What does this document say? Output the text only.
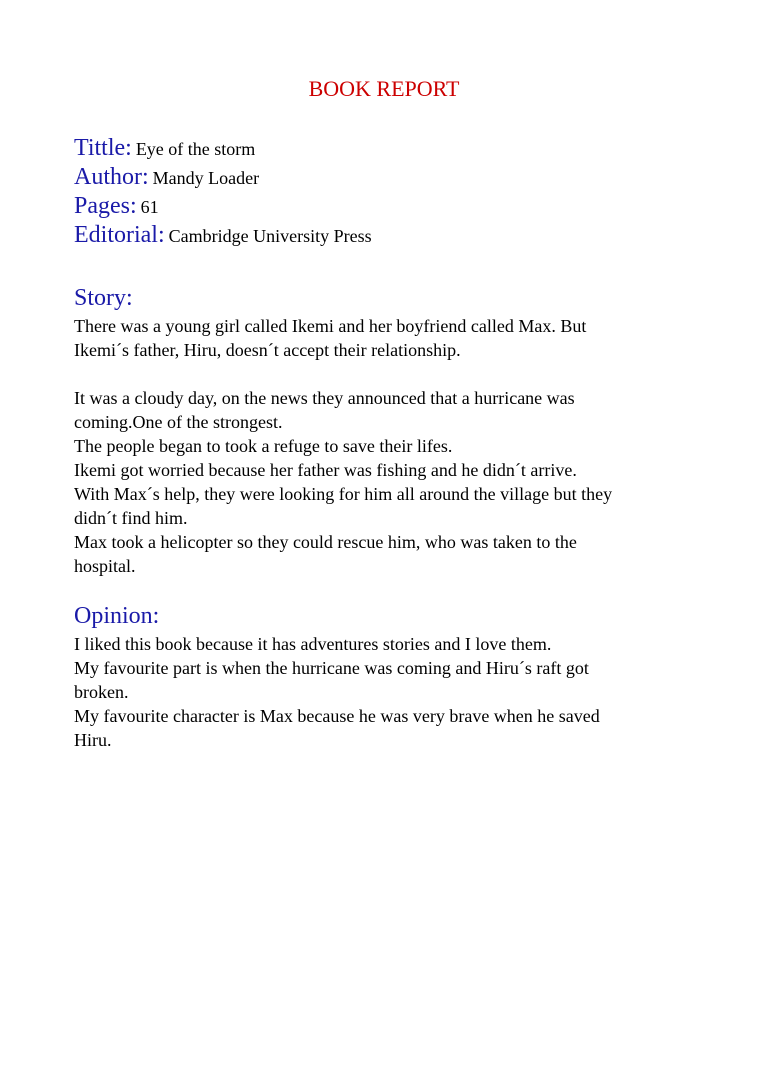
BOOK REPORT
Tittle: Eye of the storm
Author: Mandy Loader
Pages: 61
Editorial: Cambridge University Press
Story:

There was a young girl called Ikemi and her boyfriend called Max. But

Ikemi´s father, Hiru, doesn´t accept their relationship.

It was a cloudy day, on the news they announced that a hurricane was

coming.One of the strongest.

The people began to took a refuge to save their lifes.

Ikemi got worried because her father was fishing and he didn´t arrive.

With Max´s help, they were looking for him all around the village but they

didn´t find him.

Max took a helicopter so they could rescue him, who was taken to the

hospital.

Opinion:

I liked this book because it has adventures stories and I love them.

My favourite part is when the hurricane was coming and Hiru´s raft got

broken.

My favourite character is Max because he was very brave when he saved

Hiru.
